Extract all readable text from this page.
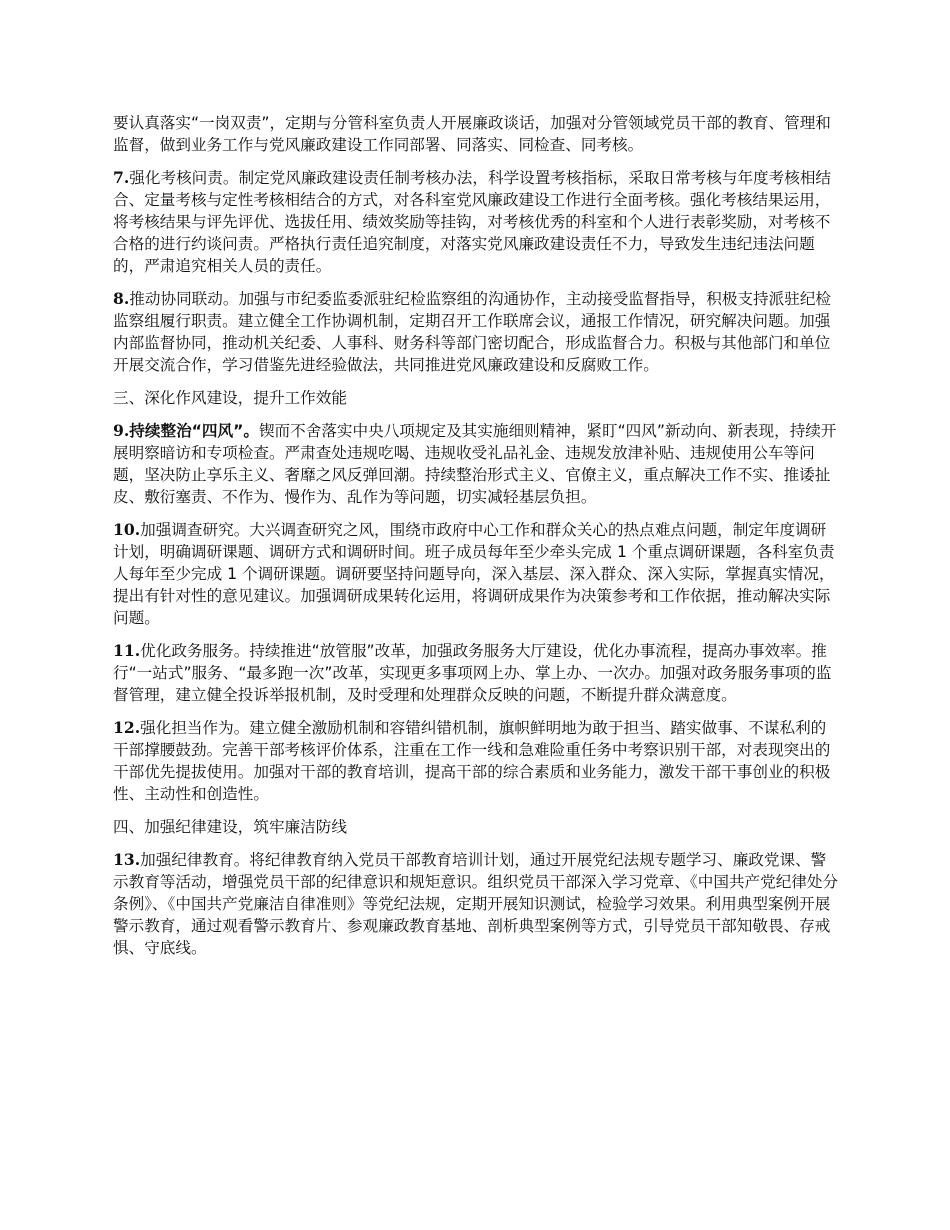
要认真落实“一岗双责”，定期与分管科室负责人开展廉政谈话，加强对分管领域党员干部的教育、管理和监督，做到业务工作与党风廉政建设工作同部署、同落实、同检查、同考核。

7.强化考核问责。制定党风廉政建设责任制考核办法，科学设置考核指标，采取日常考核与年度考核相结合、定量考核与定性考核相结合的方式，对各科室党风廉政建设工作进行全面考核。强化考核结果运用，将考核结果与评先评优、选拔任用、绩效奖励等挂钩，对考核优秀的科室和个人进行表彰奖励，对考核不合格的进行约谈问责。严格执行责任追究制度，对落实党风廉政建设责任不力，导致发生违纪违法问题的，严肃追究相关人员的责任。

8.推动协同联动。加强与市纪委监委派驻纪检监察组的沟通协作，主动接受监督指导，积极支持派驻纪检监察组履行职责。建立健全工作协调机制，定期召开工作联席会议，通报工作情况，研究解决问题。加强内部监督协同，推动机关纪委、人事科、财务科等部门密切配合，形成监督合力。积极与其他部门和单位开展交流合作，学习借鉴先进经验做法，共同推进党风廉政建设和反腐败工作。

三、深化作风建设，提升工作效能

9.持续整治“四风”。锲而不舍落实中央八项规定及其实施细则精神，紧盯“四风”新动向、新表现，持续开展明察暗访和专项检查。严肃查处违规吃喝、违规收受礼品礼金、违规发放津补贴、违规使用公车等问题，坚决防止享乐主义、奢靡之风反弹回潮。持续整治形式主义、官僚主义，重点解决工作不实、推诿扯皮、敷衍塞责、不作为、慢作为、乱作为等问题，切实减轻基层负担。

10.加强调查研究。大兴调查研究之风，围绕市政府中心工作和群众关心的热点难点问题，制定年度调研计划，明确调研课题、调研方式和调研时间。班子成员每年至少牵头完成 1 个重点调研课题，各科室负责人每年至少完成 1 个调研课题。调研要坚持问题导向，深入基层、深入群众、深入实际，掌握真实情况，提出有针对性的意见建议。加强调研成果转化运用，将调研成果作为决策参考和工作依据，推动解决实际问题。

11.优化政务服务。持续推进“放管服”改革，加强政务服务大厅建设，优化办事流程，提高办事效率。推行“一站式”服务、“最多跑一次”改革，实现更多事项网上办、掌上办、一次办。加强对政务服务事项的监督管理，建立健全投诉举报机制，及时受理和处理群众反映的问题，不断提升群众满意度。

12.强化担当作为。建立健全激励机制和容错纠错机制，旗帜鲜明地为敢于担当、踏实做事、不谋私利的干部撑腰鼓劲。完善干部考核评价体系，注重在工作一线和急难险重任务中考察识别干部，对表现突出的干部优先提拔使用。加强对干部的教育培训，提高干部的综合素质和业务能力，激发干部干事创业的积极性、主动性和创造性。

四、加强纪律建设，筑牢廉洁防线

13.加强纪律教育。将纪律教育纳入党员干部教育培训计划，通过开展党纪法规专题学习、廉政党课、警示教育等活动，增强党员干部的纪律意识和规矩意识。组织党员干部深入学习党章、《中国共产党纪律处分条例》、《中国共产党廉洁自律准则》等党纪法规，定期开展知识测试，检验学习效果。利用典型案例开展警示教育，通过观看警示教育片、参观廉政教育基地、剖析典型案例等方式，引导党员干部知敬畏、存戒惧、守底线。
